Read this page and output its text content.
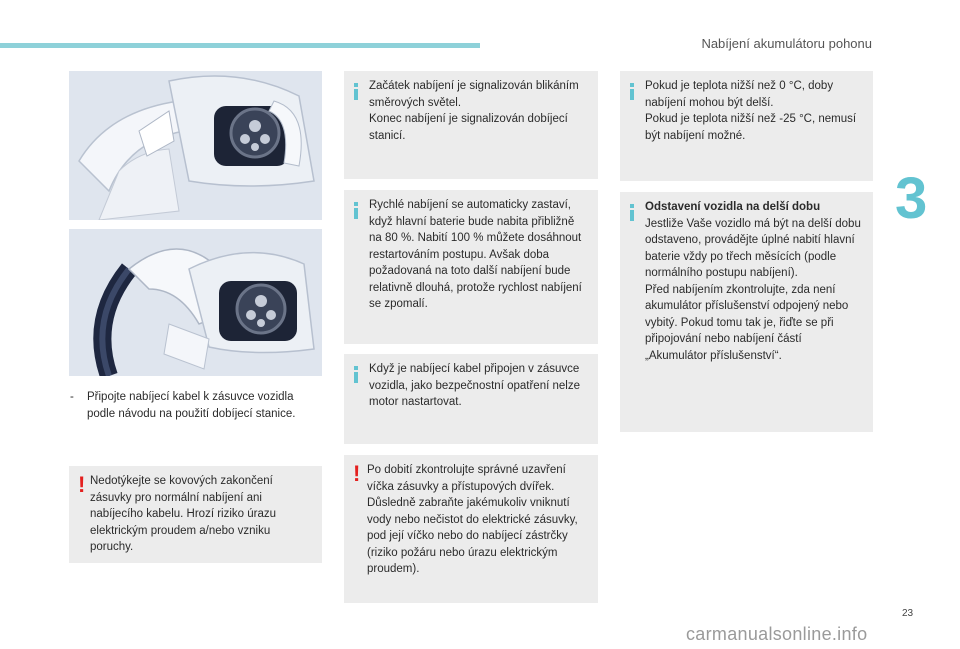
Nabíjení akumulátoru pohonu
3
- Připojte nabíjecí kabel k zásuvce vozidla podle návodu na použití dobíjecí stanice.
! Nedotýkejte se kovových zakončení zásuvky pro normální nabíjení ani nabíjecího kabelu. Hrozí riziko úrazu elektrickým proudem a/nebo vzniku poruchy.

Začátek nabíjení je signalizován blikáním směrových světel.

Konec nabíjení je signalizován dobíjecí stanicí.

Rychlé nabíjení se automaticky zastaví, když hlavní baterie bude nabita přibližně na 80 %. Nabití 100 % můžete dosáhnout restartováním postupu. Avšak doba požadovaná na toto další nabíjení bude relativně dlouhá, protože rychlost nabíjení se zpomalí.

Když je nabíjecí kabel připojen v zásuvce vozidla, jako bezpečnostní opatření nelze motor nastartovat.

! Po dobití zkontrolujte správné uzavření víčka zásuvky a přístupových dvířek. Důsledně zabraňte jakémukoliv vniknutí vody nebo nečistot do elektrické zásuvky, pod její víčko nebo do nabíjecí zástrčky (riziko požáru nebo úrazu elektrickým proudem).

Pokud je teplota nižší než 0 °C, doby nabíjení mohou být delší.

Pokud je teplota nižší než -25 °C, nemusí být nabíjení možné.

Odstavení vozidla na delší dobu

Jestliže Vaše vozidlo má být na delší dobu odstaveno, provádějte úplné nabití hlavní baterie vždy po třech měsících (podle normálního postupu nabíjení).

Před nabíjením zkontrolujte, zda není akumulátor příslušenství odpojený nebo vybitý. Pokud tomu tak je, řiďte se při připojování nebo nabíjení částí „Akumulátor příslušenství“.

23
carmanualsonline.info
